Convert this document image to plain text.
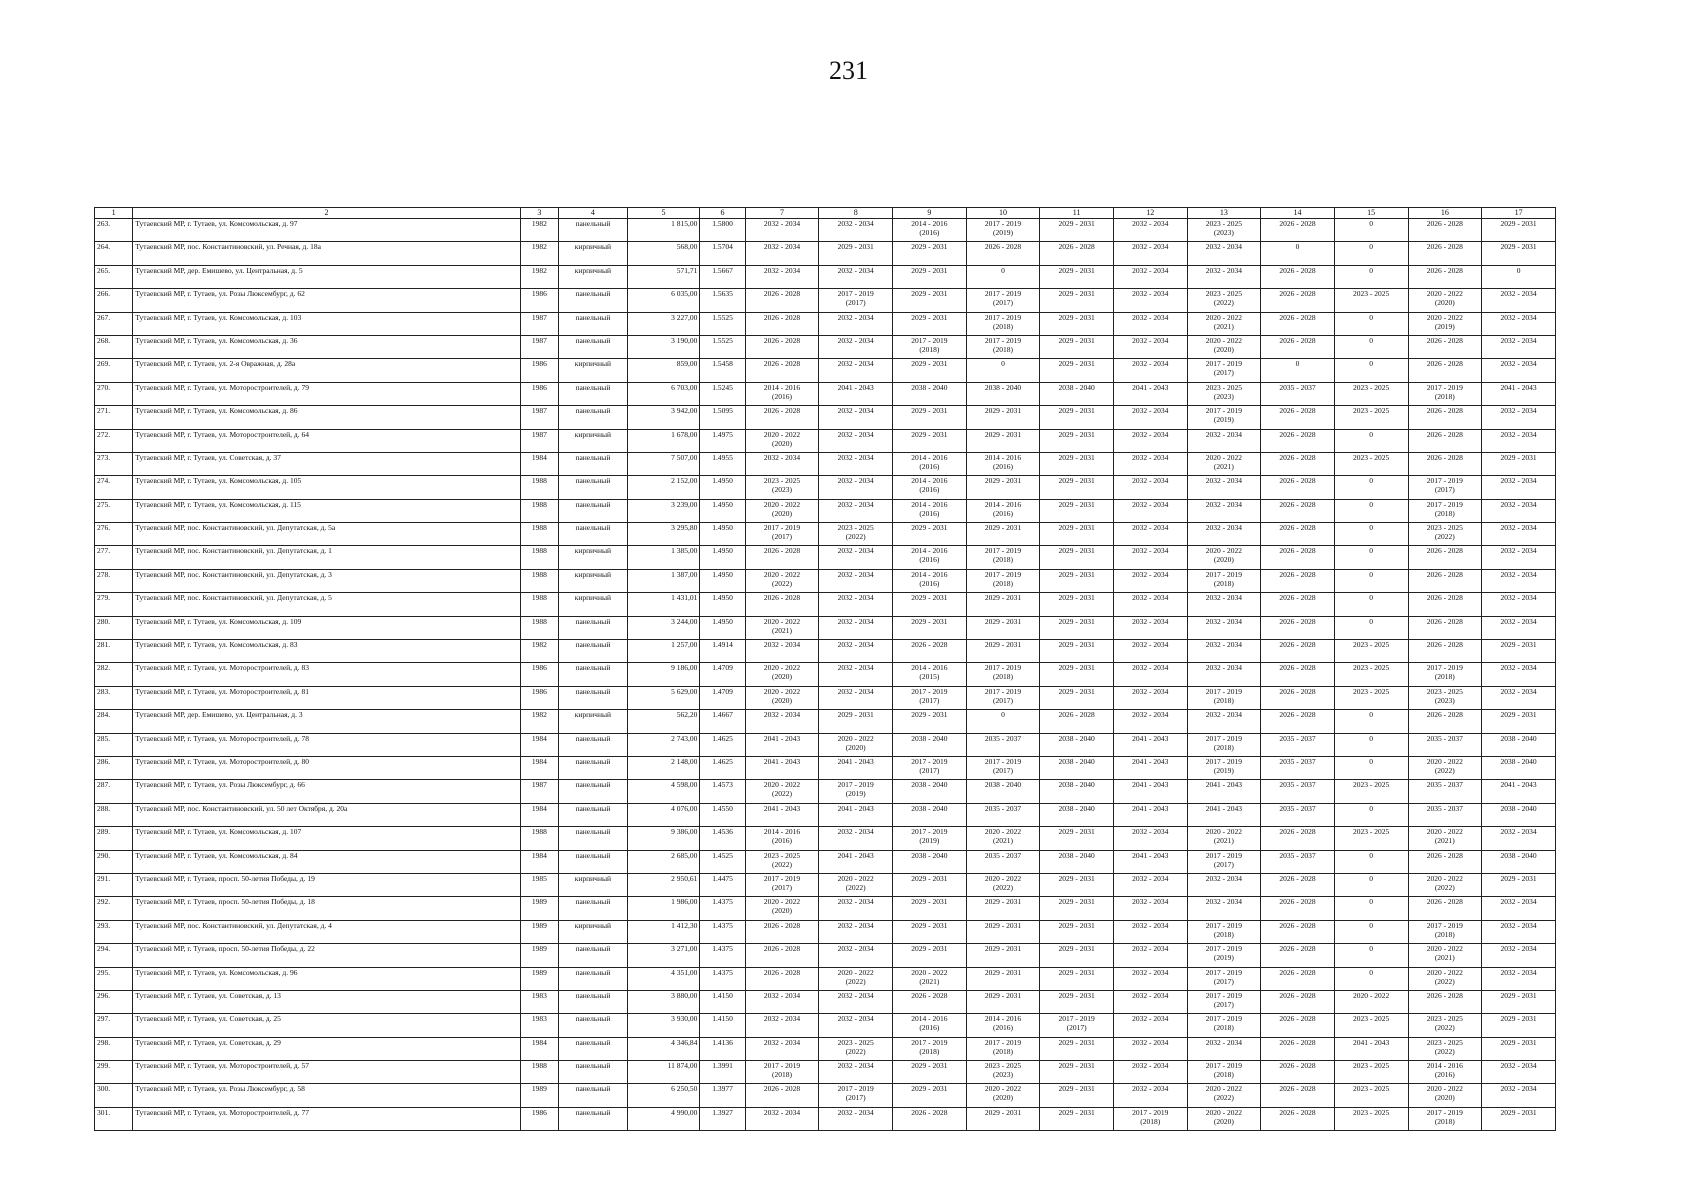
231
1	2	3	4	5	6	7	8	9	10	11	12	13	14	15	16	17
263.	Тутаевский МР, г. Тутаев, ул. Комсомольская, д. 97	1982	панельный	1 815,00	1.5800	2032 - 2034	2032 - 2034	2014 - 2016
(2016)	2017 - 2019
(2019)	2029 - 2031	2032 - 2034	2023 - 2025
(2023)	2026 - 2028	0	2026 - 2028	2029 - 2031
264.	Тутаевский МР, пос. Константиновский, ул. Речная, д. 18а	1982	кирпичный	568,00	1.5704	2032 - 2034	2029 - 2031	2029 - 2031	2026 - 2028	2026 - 2028	2032 - 2034	2032 - 2034	0	0	2026 - 2028	2029 - 2031
265.	Тутаевский МР, дер. Емишево, ул. Центральная, д. 5	1982	кирпичный	571,71	1.5667	2032 - 2034	2032 - 2034	2029 - 2031	0	2029 - 2031	2032 - 2034	2032 - 2034	2026 - 2028	0	2026 - 2028	0
266.	Тутаевский МР, г. Тутаев, ул. Розы Люксембург, д. 62	1986	панельный	6 035,00	1.5635	2026 - 2028	2017 - 2019
(2017)	2029 - 2031	2017 - 2019
(2017)	2029 - 2031	2032 - 2034	2023 - 2025
(2022)	2026 - 2028	2023 - 2025	2020 - 2022
(2020)	2032 - 2034
267.	Тутаевский МР, г. Тутаев, ул. Комсомольская, д. 103	1987	панельный	3 227,00	1.5525	2026 - 2028	2032 - 2034	2029 - 2031	2017 - 2019
(2018)	2029 - 2031	2032 - 2034	2020 - 2022
(2021)	2026 - 2028	0	2020 - 2022
(2019)	2032 - 2034
268.	Тутаевский МР, г. Тутаев, ул. Комсомольская, д. 36	1987	панельный	3 190,00	1.5525	2026 - 2028	2032 - 2034	2017 - 2019
(2018)	2017 - 2019
(2018)	2029 - 2031	2032 - 2034	2020 - 2022
(2020)	2026 - 2028	0	2026 - 2028	2032 - 2034
269.	Тутаевский МР, г. Тутаев, ул. 2-я Овражная, д. 28а	1986	кирпичный	859,00	1.5458	2026 - 2028	2032 - 2034	2029 - 2031	0	2029 - 2031	2032 - 2034	2017 - 2019
(2017)	0	0	2026 - 2028	2032 - 2034
270.	Тутаевский МР, г. Тутаев, ул. Моторостроителей, д. 79	1986	панельный	6 703,00	1.5245	2014 - 2016
(2016)	2041 - 2043	2038 - 2040	2038 - 2040	2038 - 2040	2041 - 2043	2023 - 2025
(2023)	2035 - 2037	2023 - 2025	2017 - 2019
(2018)	2041 - 2043
271.	Тутаевский МР, г. Тутаев, ул. Комсомольская, д. 86	1987	панельный	3 942,00	1.5095	2026 - 2028	2032 - 2034	2029 - 2031	2029 - 2031	2029 - 2031	2032 - 2034	2017 - 2019
(2019)	2026 - 2028	2023 - 2025	2026 - 2028	2032 - 2034
272.	Тутаевский МР, г. Тутаев, ул. Моторостроителей, д. 64	1987	кирпичный	1 678,00	1.4975	2020 - 2022
(2020)	2032 - 2034	2029 - 2031	2029 - 2031	2029 - 2031	2032 - 2034	2032 - 2034	2026 - 2028	0	2026 - 2028	2032 - 2034
273.	Тутаевский МР, г. Тутаев, ул. Советская, д. 37	1984	панельный	7 507,00	1.4955	2032 - 2034	2032 - 2034	2014 - 2016
(2016)	2014 - 2016
(2016)	2029 - 2031	2032 - 2034	2020 - 2022
(2021)	2026 - 2028	2023 - 2025	2026 - 2028	2029 - 2031
274.	Тутаевский МР, г. Тутаев, ул. Комсомольская, д. 105	1988	панельный	2 152,00	1.4950	2023 - 2025
(2023)	2032 - 2034	2014 - 2016
(2016)	2029 - 2031	2029 - 2031	2032 - 2034	2032 - 2034	2026 - 2028	0	2017 - 2019
(2017)	2032 - 2034
275.	Тутаевский МР, г. Тутаев, ул. Комсомольская, д. 115	1988	панельный	3 239,00	1.4950	2020 - 2022
(2020)	2032 - 2034	2014 - 2016
(2016)	2014 - 2016
(2016)	2029 - 2031	2032 - 2034	2032 - 2034	2026 - 2028	0	2017 - 2019
(2018)	2032 - 2034
276.	Тутаевский МР, пос. Константиновский, ул. Депутатская, д. 5а	1988	панельный	3 295,80	1.4950	2017 - 2019
(2017)	2023 - 2025
(2022)	2029 - 2031	2029 - 2031	2029 - 2031	2032 - 2034	2032 - 2034	2026 - 2028	0	2023 - 2025
(2022)	2032 - 2034
277.	Тутаевский МР, пос. Константиновский, ул. Депутатская, д. 1	1988	кирпичный	1 385,00	1.4950	2026 - 2028	2032 - 2034	2014 - 2016
(2016)	2017 - 2019
(2018)	2029 - 2031	2032 - 2034	2020 - 2022
(2020)	2026 - 2028	0	2026 - 2028	2032 - 2034
278.	Тутаевский МР, пос. Константиновский, ул. Депутатская, д. 3	1988	кирпичный	1 387,00	1.4950	2020 - 2022
(2022)	2032 - 2034	2014 - 2016
(2016)	2017 - 2019
(2018)	2029 - 2031	2032 - 2034	2017 - 2019
(2018)	2026 - 2028	0	2026 - 2028	2032 - 2034
279.	Тутаевский МР, пос. Константиновский, ул. Депутатская, д. 5	1988	кирпичный	1 431,01	1.4950	2026 - 2028	2032 - 2034	2029 - 2031	2029 - 2031	2029 - 2031	2032 - 2034	2032 - 2034	2026 - 2028	0	2026 - 2028	2032 - 2034
280.	Тутаевский МР, г. Тутаев, ул. Комсомольская, д. 109	1988	панельный	3 244,00	1.4950	2020 - 2022
(2021)	2032 - 2034	2029 - 2031	2029 - 2031	2029 - 2031	2032 - 2034	2032 - 2034	2026 - 2028	0	2026 - 2028	2032 - 2034
281.	Тутаевский МР, г. Тутаев, ул. Комсомольская, д. 83	1982	панельный	1 257,00	1.4914	2032 - 2034	2032 - 2034	2026 - 2028	2029 - 2031	2029 - 2031	2032 - 2034	2032 - 2034	2026 - 2028	2023 - 2025	2026 - 2028	2029 - 2031
282.	Тутаевский МР, г. Тутаев, ул. Моторостроителей, д. 83	1986	панельный	9 186,00	1.4709	2020 - 2022
(2020)	2032 - 2034	2014 - 2016
(2015)	2017 - 2019
(2018)	2029 - 2031	2032 - 2034	2032 - 2034	2026 - 2028	2023 - 2025	2017 - 2019
(2018)	2032 - 2034
283.	Тутаевский МР, г. Тутаев, ул. Моторостроителей, д. 81	1986	панельный	5 629,00	1.4709	2020 - 2022
(2020)	2032 - 2034	2017 - 2019
(2017)	2017 - 2019
(2017)	2029 - 2031	2032 - 2034	2017 - 2019
(2018)	2026 - 2028	2023 - 2025	2023 - 2025
(2023)	2032 - 2034
284.	Тутаевский МР, дер. Емишево, ул. Центральная, д. 3	1982	кирпичный	562,20	1.4667	2032 - 2034	2029 - 2031	2029 - 2031	0	2026 - 2028	2032 - 2034	2032 - 2034	2026 - 2028	0	2026 - 2028	2029 - 2031
285.	Тутаевский МР, г. Тутаев, ул. Моторостроителей, д. 78	1984	панельный	2 743,00	1.4625	2041 - 2043	2020 - 2022
(2020)	2038 - 2040	2035 - 2037	2038 - 2040	2041 - 2043	2017 - 2019
(2018)	2035 - 2037	0	2035 - 2037	2038 - 2040
286.	Тутаевский МР, г. Тутаев, ул. Моторостроителей, д. 80	1984	панельный	2 148,00	1.4625	2041 - 2043	2041 - 2043	2017 - 2019
(2017)	2017 - 2019
(2017)	2038 - 2040	2041 - 2043	2017 - 2019
(2019)	2035 - 2037	0	2020 - 2022
(2022)	2038 - 2040
287.	Тутаевский МР, г. Тутаев, ул. Розы Люксембург, д. 66	1987	панельный	4 598,00	1.4573	2020 - 2022
(2022)	2017 - 2019
(2019)	2038 - 2040	2038 - 2040	2038 - 2040	2041 - 2043	2041 - 2043	2035 - 2037	2023 - 2025	2035 - 2037	2041 - 2043
288.	Тутаевский МР, пос. Константиновский, ул. 50 лет Октября, д. 20а	1984	панельный	4 076,00	1.4550	2041 - 2043	2041 - 2043	2038 - 2040	2035 - 2037	2038 - 2040	2041 - 2043	2041 - 2043	2035 - 2037	0	2035 - 2037	2038 - 2040
289.	Тутаевский МР, г. Тутаев, ул. Комсомольская, д. 107	1988	панельный	9 386,00	1.4536	2014 - 2016
(2016)	2032 - 2034	2017 - 2019
(2019)	2020 - 2022
(2021)	2029 - 2031	2032 - 2034	2020 - 2022
(2021)	2026 - 2028	2023 - 2025	2020 - 2022
(2021)	2032 - 2034
290.	Тутаевский МР, г. Тутаев, ул. Комсомольская, д. 84	1984	панельный	2 685,00	1.4525	2023 - 2025
(2022)	2041 - 2043	2038 - 2040	2035 - 2037	2038 - 2040	2041 - 2043	2017 - 2019
(2017)	2035 - 2037	0	2026 - 2028	2038 - 2040
291.	Тутаевский МР, г. Тутаев, просп. 50-летия Победы, д. 19	1985	кирпичный	2 950,61	1.4475	2017 - 2019
(2017)	2020 - 2022
(2022)	2029 - 2031	2020 - 2022
(2022)	2029 - 2031	2032 - 2034	2032 - 2034	2026 - 2028	0	2020 - 2022
(2022)	2029 - 2031
292.	Тутаевский МР, г. Тутаев, просп. 50-летия Победы, д. 18	1989	панельный	1 986,00	1.4375	2020 - 2022
(2020)	2032 - 2034	2029 - 2031	2029 - 2031	2029 - 2031	2032 - 2034	2032 - 2034	2026 - 2028	0	2026 - 2028	2032 - 2034
293.	Тутаевский МР, пос. Константиновский, ул. Депутатская, д. 4	1989	кирпичный	1 412,30	1.4375	2026 - 2028	2032 - 2034	2029 - 2031	2029 - 2031	2029 - 2031	2032 - 2034	2017 - 2019
(2018)	2026 - 2028	0	2017 - 2019
(2018)	2032 - 2034
294.	Тутаевский МР, г. Тутаев, просп. 50-летия Победы, д. 22	1989	панельный	3 271,00	1.4375	2026 - 2028	2032 - 2034	2029 - 2031	2029 - 2031	2029 - 2031	2032 - 2034	2017 - 2019
(2019)	2026 - 2028	0	2020 - 2022
(2021)	2032 - 2034
295.	Тутаевский МР, г. Тутаев, ул. Комсомольская, д. 96	1989	панельный	4 351,00	1.4375	2026 - 2028	2020 - 2022
(2022)	2020 - 2022
(2021)	2029 - 2031	2029 - 2031	2032 - 2034	2017 - 2019
(2017)	2026 - 2028	0	2020 - 2022
(2022)	2032 - 2034
296.	Тутаевский МР, г. Тутаев, ул. Советская, д. 13	1983	панельный	3 880,00	1.4150	2032 - 2034	2032 - 2034	2026 - 2028	2029 - 2031	2029 - 2031	2032 - 2034	2017 - 2019
(2017)	2026 - 2028	2020 - 2022	2026 - 2028	2029 - 2031
297.	Тутаевский МР, г. Тутаев, ул. Советская, д. 25	1983	панельный	3 930,00	1.4150	2032 - 2034	2032 - 2034	2014 - 2016
(2016)	2014 - 2016
(2016)	2017 - 2019
(2017)	2032 - 2034	2017 - 2019
(2018)	2026 - 2028	2023 - 2025	2023 - 2025
(2022)	2029 - 2031
298.	Тутаевский МР, г. Тутаев, ул. Советская, д. 29	1984	панельный	4 346,84	1.4136	2032 - 2034	2023 - 2025
(2022)	2017 - 2019
(2018)	2017 - 2019
(2018)	2029 - 2031	2032 - 2034	2032 - 2034	2026 - 2028	2041 - 2043	2023 - 2025
(2022)	2029 - 2031
299.	Тутаевский МР, г. Тутаев, ул. Моторостроителей, д. 57	1988	панельный	11 874,00	1.3991	2017 - 2019
(2018)	2032 - 2034	2029 - 2031	2023 - 2025
(2023)	2029 - 2031	2032 - 2034	2017 - 2019
(2018)	2026 - 2028	2023 - 2025	2014 - 2016
(2016)	2032 - 2034
300.	Тутаевский МР, г. Тутаев, ул. Розы Люксембург, д. 58	1989	панельный	6 250,50	1.3977	2026 - 2028	2017 - 2019
(2017)	2029 - 2031	2020 - 2022
(2020)	2029 - 2031	2032 - 2034	2020 - 2022
(2022)	2026 - 2028	2023 - 2025	2020 - 2022
(2020)	2032 - 2034
301.	Тутаевский МР, г. Тутаев, ул. Моторостроителей, д. 77	1986	панельный	4 990,00	1.3927	2032 - 2034	2032 - 2034	2026 - 2028	2029 - 2031	2029 - 2031	2017 - 2019
(2018)	2020 - 2022
(2020)	2026 - 2028	2023 - 2025	2017 - 2019
(2018)	2029 - 2031
